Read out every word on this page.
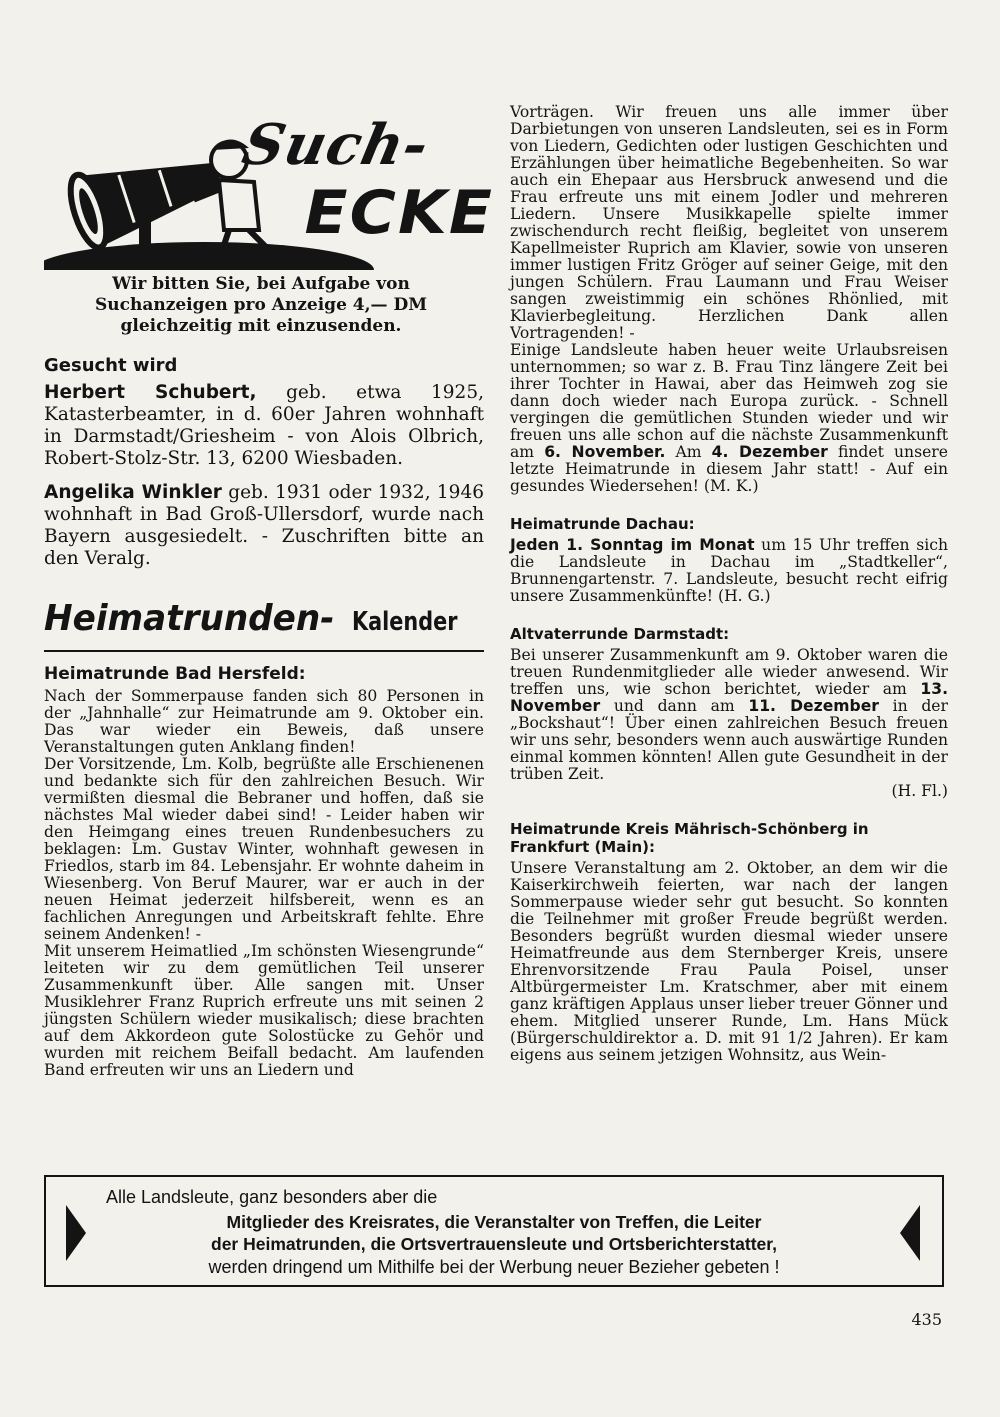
Such-
ECKE
Wir bitten Sie, bei Aufgabe von Suchanzeigen pro Anzeige 4,— DM gleichzeitig mit einzusenden.
Gesucht wird

Herbert Schubert, geb. etwa 1925, Katasterbeamter, in d. 60er Jahren wohnhaft in Darmstadt/Griesheim - von Alois Olbrich, Robert-Stolz-Str. 13, 6200 Wiesbaden.

Angelika Winkler geb. 1931 oder 1932, 1946 wohnhaft in Bad Groß-Ullersdorf, wurde nach Bayern ausgesiedelt. - Zuschriften bitte an den Veralg.

Heimatrunden- Kalender
Heimatrunde Bad Hersfeld:

Nach der Sommerpause fanden sich 80 Personen in der „Jahnhalle“ zur Heimatrunde am 9. Oktober ein. Das war wieder ein Beweis, daß unsere Veranstaltungen guten Anklang finden!

Der Vorsitzende, Lm. Kolb, begrüßte alle Erschienenen und bedankte sich für den zahlreichen Besuch. Wir vermißten diesmal die Bebraner und hoffen, daß sie nächstes Mal wieder dabei sind! - Leider haben wir den Heimgang eines treuen Rundenbesuchers zu beklagen: Lm. Gustav Winter, wohnhaft gewesen in Friedlos, starb im 84. Lebensjahr. Er wohnte daheim in Wiesenberg. Von Beruf Maurer, war er auch in der neuen Heimat jederzeit hilfsbereit, wenn es an fachlichen Anregungen und Arbeitskraft fehlte. Ehre seinem Andenken! -

Mit unserem Heimatlied „Im schönsten Wiesengrunde“ leiteten wir zu dem gemütlichen Teil unserer Zusammenkunft über. Alle sangen mit. Unser Musiklehrer Franz Ruprich erfreute uns mit seinen 2 jüngsten Schülern wieder musikalisch; diese brachten auf dem Akkordeon gute Solostücke zu Gehör und wurden mit reichem Beifall bedacht. Am laufenden Band erfreuten wir uns an Liedern und

Vorträgen. Wir freuen uns alle immer über Darbietungen von unseren Landsleuten, sei es in Form von Liedern, Gedichten oder lustigen Geschichten und Erzählungen über heimatliche Begebenheiten. So war auch ein Ehepaar aus Hersbruck anwesend und die Frau erfreute uns mit einem Jodler und mehreren Liedern. Unsere Musikkapelle spielte immer zwischendurch recht fleißig, begleitet von unserem Kapellmeister Ruprich am Klavier, sowie von unseren immer lustigen Fritz Gröger auf seiner Geige, mit den jungen Schülern. Frau Laumann und Frau Weiser sangen zweistimmig ein schönes Rhönlied, mit Klavierbegleitung. Herzlichen Dank allen Vortragenden! -

Einige Landsleute haben heuer weite Urlaubsreisen unternommen; so war z. B. Frau Tinz längere Zeit bei ihrer Tochter in Hawai, aber das Heimweh zog sie dann doch wieder nach Europa zurück. - Schnell vergingen die gemütlichen Stunden wieder und wir freuen uns alle schon auf die nächste Zusammenkunft am 6. November. Am 4. Dezember findet unsere letzte Heimatrunde in diesem Jahr statt! - Auf ein gesundes Wiedersehen! (M. K.)

Heimatrunde Dachau:

Jeden 1. Sonntag im Monat um 15 Uhr treffen sich die Landsleute in Dachau im „Stadtkeller“, Brunnengartenstr. 7. Landsleute, besucht recht eifrig unsere Zusammenkünfte! (H. G.)

Altvaterrunde Darmstadt:

Bei unserer Zusammenkunft am 9. Oktober waren die treuen Rundenmitglieder alle wieder anwesend. Wir treffen uns, wie schon berichtet, wieder am 13. November und dann am 11. Dezember in der „Bockshaut“! Über einen zahlreichen Besuch freuen wir uns sehr, besonders wenn auch auswärtige Runden einmal kommen könnten! Allen gute Gesundheit in der trüben Zeit.

(H. Fl.)

Heimatrunde Kreis Mährisch-Schönberg in Frankfurt (Main):

Unsere Veranstaltung am 2. Oktober, an dem wir die Kaiserkirchweih feierten, war nach der langen Sommerpause wieder sehr gut besucht. So konnten die Teilnehmer mit großer Freude begrüßt werden. Besonders begrüßt wurden diesmal wieder unsere Heimatfreunde aus dem Sternberger Kreis, unsere Ehrenvorsitzende Frau Paula Poisel, unser Altbürgermeister Lm. Kratschmer, aber mit einem ganz kräftigen Applaus unser lieber treuer Gönner und ehem. Mitglied unserer Runde, Lm. Hans Mück (Bürgerschuldirektor a. D. mit 91 1/2 Jahren). Er kam eigens aus seinem jetzigen Wohnsitz, aus Wein-

Alle Landsleute, ganz besonders aber die
Mitglieder des Kreisrates, die Veranstalter von Treffen, die Leiter
der Heimatrunden, die Ortsvertrauensleute und Ortsberichterstatter,
werden dringend um Mithilfe bei der Werbung neuer Bezieher gebeten !
435
